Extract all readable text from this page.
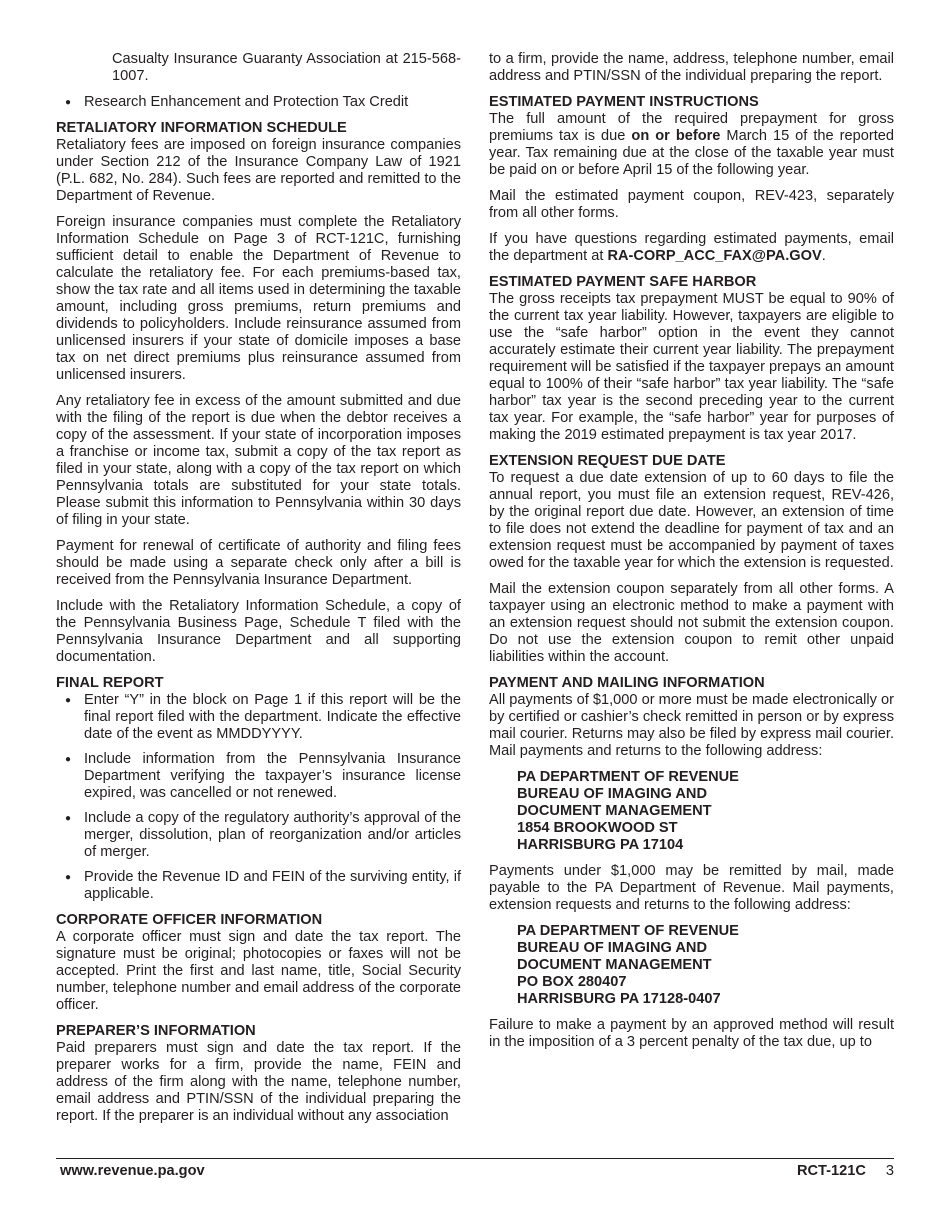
Casualty Insurance Guaranty Association at 215-568-1007.

● Research Enhancement and Protection Tax Credit
RETALIATORY INFORMATION SCHEDULE

Retaliatory fees are imposed on foreign insurance companies under Section 212 of the Insurance Company Law of 1921 (P.L. 682, No. 284). Such fees are reported and remitted to the Department of Revenue.

Foreign insurance companies must complete the Retaliatory Information Schedule on Page 3 of RCT-121C, furnishing sufficient detail to enable the Department of Revenue to calculate the retaliatory fee. For each premiums-based tax, show the tax rate and all items used in determining the taxable amount, including gross premiums, return premiums and dividends to policyholders. Include reinsurance assumed from unlicensed insurers if your state of domicile imposes a base tax on net direct premiums plus reinsurance assumed from unlicensed insurers.

Any retaliatory fee in excess of the amount submitted and due with the filing of the report is due when the debtor receives a copy of the assessment. If your state of incorporation imposes a franchise or income tax, submit a copy of the tax report as filed in your state, along with a copy of the tax report on which Pennsylvania totals are substituted for your state totals. Please submit this information to Pennsylvania within 30 days of filing in your state.

Payment for renewal of certificate of authority and filing fees should be made using a separate check only after a bill is received from the Pennsylvania Insurance Department.

Include with the Retaliatory Information Schedule, a copy of the Pennsylvania Business Page, Schedule T filed with the Pennsylvania Insurance Department and all supporting documentation.

FINAL REPORT
● Enter “Y” in the block on Page 1 if this report will be the final report filed with the department. Indicate the effective date of the event as MMDDYYYY.
● Include information from the Pennsylvania Insurance Department verifying the taxpayer’s insurance license expired, was cancelled or not renewed.
● Include a copy of the regulatory authority’s approval of the merger, dissolution, plan of reorganization and/or articles of merger.
● Provide the Revenue ID and FEIN of the surviving entity, if applicable.
CORPORATE OFFICER INFORMATION

A corporate officer must sign and date the tax report. The signature must be original; photocopies or faxes will not be accepted. Print the first and last name, title, Social Security number, telephone number and email address of the corporate officer.

PREPARER’S INFORMATION

Paid preparers must sign and date the tax report. If the preparer works for a firm, provide the name, FEIN and address of the firm along with the name, telephone number, email address and PTIN/SSN of the individual preparing the report. If the preparer is an individual without any association

to a firm, provide the name, address, telephone number, email address and PTIN/SSN of the individual preparing the report.

ESTIMATED PAYMENT INSTRUCTIONS

The full amount of the required prepayment for gross premiums tax is due on or before March 15 of the reported year. Tax remaining due at the close of the taxable year must be paid on or before April 15 of the following year.

Mail the estimated payment coupon, REV-423, separately from all other forms.

If you have questions regarding estimated payments, email the department at RA-CORP_ACC_FAX@PA.GOV.

ESTIMATED PAYMENT SAFE HARBOR

The gross receipts tax prepayment MUST be equal to 90% of the current tax year liability. However, taxpayers are eligible to use the “safe harbor” option in the event they cannot accurately estimate their current year liability. The prepayment requirement will be satisfied if the taxpayer prepays an amount equal to 100% of their “safe harbor” tax year liability. The “safe harbor” tax year is the second preceding year to the current tax year. For example, the “safe harbor” year for purposes of making the 2019 estimated prepayment is tax year 2017.

EXTENSION REQUEST DUE DATE

To request a due date extension of up to 60 days to file the annual report, you must file an extension request, REV-426, by the original report due date. However, an extension of time to file does not extend the deadline for payment of tax and an extension request must be accompanied by payment of taxes owed for the taxable year for which the extension is requested.

Mail the extension coupon separately from all other forms. A taxpayer using an electronic method to make a payment with an extension request should not submit the extension coupon. Do not use the extension coupon to remit other unpaid liabilities within the account.

PAYMENT AND MAILING INFORMATION

All payments of $1,000 or more must be made electronically or by certified or cashier’s check remitted in person or by express mail courier. Returns may also be filed by express mail courier. Mail payments and returns to the following address:

PA DEPARTMENT OF REVENUE
BUREAU OF IMAGING AND
DOCUMENT MANAGEMENT
1854 BROOKWOOD ST
HARRISBURG PA 17104

Payments under $1,000 may be remitted by mail, made payable to the PA Department of Revenue. Mail payments, extension requests and returns to the following address:

PA DEPARTMENT OF REVENUE
BUREAU OF IMAGING AND
DOCUMENT MANAGEMENT
PO BOX 280407
HARRISBURG PA 17128-0407

Failure to make a payment by an approved method will result in the imposition of a 3 percent penalty of the tax due, up to

www.revenue.pa.gov	RCT-121C 3
